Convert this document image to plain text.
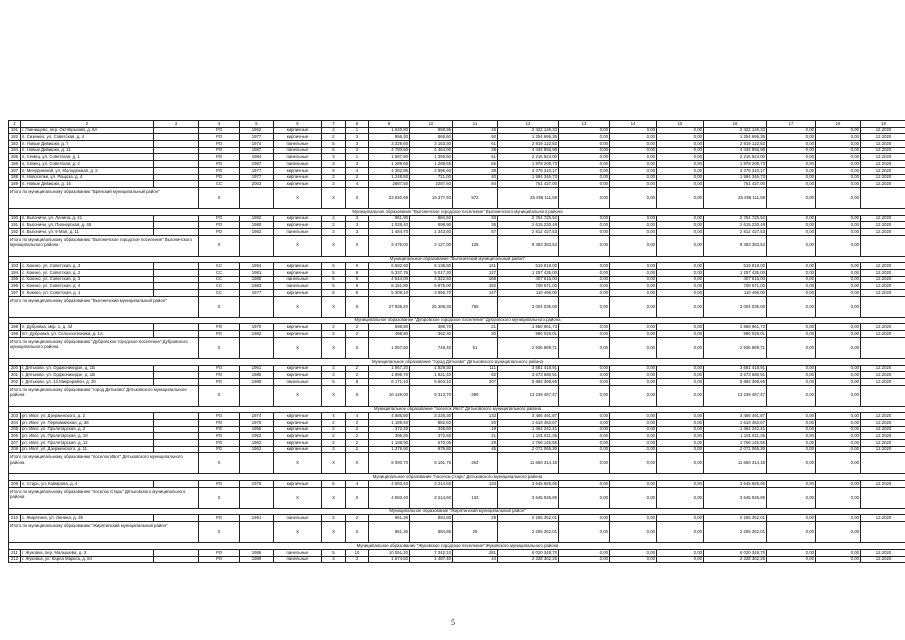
1	2	3	4	5	6	7	8	9	10	11	12	13	14	15	16	17	18	19
191	г. Гвинищево, пер. Октябрьский, д. 8А		РО	1962	кирпичные	2	1	1 640,80	958,96	45	2 422 146,33	0,00	0,00	0,00	2 422 146,33	0,00	0,00	12.2020
182	п. Сиземео, ул. Советская, д. 4		РО	1977	кирпичные	2	3	956,30	868,60	50	1 254 696,35	0,00	0,00	0,00	1 254 696,35	0,00	0,00	12.2020
183	п. Новые Дивишки, д. 7		РО	1974	панельные	5	3	3 329,60	3 153,30	61	2 919 122,82	0,00	0,00	0,00	2 919 122,82	0,00	0,00	12.2020
184	п. Новые Дивишки, д. 11		РО	1987	панельные	5	3	4 790,50	4 464,00	38	4 434 956,98	0,00	0,00	0,00	4 434 956,98	0,00	0,00	12.2020
185	п. Семец, ул. Советская, д. 1		РО	1984	панельные	3	1	1 567,80	1 359,60	51	2 216 524,00	0,00	0,00	0,00	2 216 524,00	0,00	0,00	12.2020
186	п. Семец, ул. Советская, д. 2		РО	1987	панельные	3	3	1 289,65	1 289,65	56	1 978 209,73	0,00	0,00	0,00	1 978 209,73	0,00	0,00	12.2020
187	п. Мичуринский, ул. Молодежная, д. 2		РО	1977	кирпичные	5	4	4 382,86	2 996,60	39	3 376 310,17	0,00	0,00	0,00	3 376 310,17	0,00	0,00	12.2020
188	п. Новоселки, ул. Рощоза, д. 4		РО	1977	кирпичные	2	2	1 248,50	721,00	40	1 994 346,73	0,00	0,00	0,00	1 994 346,73	0,00	0,00	12.2020
189	п. Новые Дивишки, д. 16		СС	2003	кирпичные	3	4	2687,50	2287,60	84	751 437,00	0,00	0,00	0,00	751 437,00	0,00	0,00	12.2020
Итого по муниципальному образованию "Брянский муниципальный район"			X		X	X	X	23 840,69	19 377,93	572	25 296 111,59	0,00	0,00	0,00	25 296 111,59	0,00	0,00	
Муниципальное образование "Выгоничское городское поселение" Выгоничского муниципального района																		
190	п. Выгоничи, ул. Ленина, д. 41		РО	1982	кирпичные	2	3	961,90	884,50	33	2 754 725,52	0,00	0,00	0,00	2 754 725,52	0,00	0,00	12.2020
191	п. Выгоничи, ул. Пионерская, д. 45		РО	1980	кирпичные	2	3	1 028,40	898,90	35	2 615 230,49	0,00	0,00	0,00	2 615 230,49	0,00	0,00	12.2020
192	п. Выгоничи, ул. 9 Мая, д. 11		РО	1982	панельные	3	3	1 484,70	1 343,60	57	2 812 427,53	0,00	0,00	0,00	2 812 427,53	0,00	0,00	12.2020
Итого по муниципальному образованию "Выгоничское городское поселение" Выгоничского муниципального района			X		X	X	X	3 475,00	3 127,00	125	9 383 383,54	0,00	0,00	0,00	9 383 383,54	0,00	0,00	
Муниципальное образование "Выгоничский муниципальный район"																		
193	с. Кокино, ул. Советская, д. 3		СС	1994	кирпичные	5	9	6 592,60	6 138,80	141	519 818,00	0,00	0,00	0,00	519 818,00	0,00	0,00	12.2020
194	с. Кокино, ул. Советская, д. 2		СС	1981	кирпичные	5	6	5 337,76	5 017,30	127	1 257 435,00	0,00	0,00	0,00	1 257 435,00	0,00	0,00	12.2020
195	с. Кокино, ул. Советская, д. 3		СС	1980	панельные	5	6	4 544,00	4 322,60	168	407 616,00	0,00	0,00	0,00	407 616,00	0,00	0,00	12.2020
196	с. Кокино, ул. Советская, д. 4		СС	1983	панельные	5	6	6 151,80	5 875,00	182	708 671,00	0,00	0,00	0,00	708 671,00	0,00	0,00	12.2020
197	п. Кокино, ул. Советская, д. 1		СС	1977	кирпичные	5	6	5 309,10	3 956,70	147	110 496,00	0,00	0,00	0,00	110 496,00	0,00	0,00	12.2020
Итого по муниципальному образованию "Выгоничский муниципальный район"			X		X	X	X	27 935,20	25 308,30	765	3 004 036,00	0,00	0,00	0,00	3 004 036,00	0,00	0,00	
Муниципальное образование "Дубровское городское поселение" Дубровского муниципального района																		
198	п. Дубровка, мкр. 1, д. 42		РО	1970	кирпичные	2	2	598,80	386,70	21	1 950 961,73	0,00	0,00	0,00	1 950 961,73	0,00	0,00	12.2020
199	пгт. Дубровка, ул. Сельхозтехника, д. 1А		РО	1982	кирпичные	2	2	498,80	362,30	30	986 028,01	0,00	0,00	0,00	986 028,01	0,00	0,00	12.2020
Итого по муниципальному образованию "Дубровское городское поселение" Дубровского муниципального района			X		X	X	X	1 057,60	748,40	51	2 936 989,71	0,00	0,00	0,00	2 936 989,71	0,00	0,00	
Муниципальное образование "город Дятьково" Дятьковского муниципального района																		
200	г. Дятьково, ул. Орджоникидзе, д. 1Б		РО	1961	кирпичные	3	2	1 867,20	1 829,30	111	3 681 418,91	0,00	0,00	0,00	3 681 418,91	0,00	0,00	12.2020
201	г. Дятьково, ул. Орджоникидзе, д. 1В		РО	1985	кирпичные	3	2	1 996,70	1 821,40	82	3 673 680,91	0,00	0,00	0,00	3 673 680,91	0,00	0,00	12.2020
202	г. Дятьково, ул. 13 Микрорайон, д. 20		РО	1989	панельные	5	8	6 171,10	5 663,10	207	5 884 368,65	0,00	0,00	0,00	5 884 368,65	0,00	0,00	12.2020
Итого по муниципальному образованию "город Дятьково" Дятьковского муниципального района			X		X	X	X	10 149,00	9 313,70	399	13 239 467,47	0,00	0,00	0,00	13 239 467,47	0,00	0,00	
Муниципальное образование "поселок Ивот" Дятьковского муниципального района																		
203	рп. Ивот, ул. Дзержинского, д. 2		РО	1974	кирпичные	4	4	4 585,80	3 226,30	133	3 466 491,87	0,00	0,00	0,00	3 466 491,87	0,00	0,00	12.2020
204	рп. Ивот, ул. Первомайская, д. 38		РО	1975	кирпичные	2	2	1 189,40	882,60	20	1 610 463,67	0,00	0,00	0,00	1 610 463,67	0,00	0,00	12.2020
205	рп. Ивот, ул. Пролетарская, д. 2		РО	1955	кирпичные	2	2	372,40	349,60	19	1 364 242,41	0,00	0,00	0,00	1 364 242,41	0,00	0,00	12.2020
206	рп. Ивот, ул. Пролетарская, д. 10		РО	1953	кирпичные	2	2	395,30	372,60	21	1 181 611,36	0,00	0,00	0,00	1 181 611,36	0,00	0,00	12.2020
207	рп. Ивот, ул. Пролетарская, д. 12		РО	1962	кирпичные	2	2	1 108,90	570,06	29	1 766 145,55	0,00	0,00	0,00	1 766 145,55	0,00	0,00	12.2020
208	рп. Ивот, ул. Дзержинского, д. 11		РО	1962	кирпичные	3	2	1 378,90	979,80	45	2 072 065,30	0,00	0,00	0,00	2 072 065,30	0,00	0,00	12.2020
Итого по муниципальному образованию "поселок Ивот" Дятьковского муниципального района			X		X	X	X	9 000,70	6 191,76	264	11 660 314,16	0,00	0,00	0,00	11 660 314,16	0,00	0,00	
Муниципальное образование "поселок Старь" Дятьковского муниципального района																		
209	п. Старь, ул. Комарова, д. 4		РО	1975	кирпичные	5	4	4 593,40	3 214,60	133	3 645 926,05	0,00	0,00	0,00	3 645 926,05	0,00	0,00	12.2020
Итого по муниципальному образованию "поселок Старь" Дятьковского муниципального района			X		X	X	X	4 593,40	3 214,60	133	3 645 926,05	0,00	0,00	0,00	3 645 926,05	0,00	0,00	
Муниципальное образование "Жирятинский муниципальный район"																		
210	с. Жирятино, ул. Ленина, д. 39		РО	1991	панельные	2	2	961,36	884,86	29	2 255 352,01	0,00	0,00	0,00	2 255 352,01	0,00	0,00	12.2020
Итого по муниципальному образованию "Жирятинский муниципальный район"			X		X	X	X	961,36	884,86	29	2 255 352,01	0,00	0,00	0,00	2 255 352,01	0,00	0,00	
Муниципальное образование "Жуковское городское поселение" Жуковского муниципального района																		
211	г. Жуковка, пер. Малышева, д. 3		РО	1986	панельные	5	10	10 051,20	7 342,10	281	6 020 348,70	0,00	0,00	0,00	6 020 348,70	0,00	0,00	12.2020
212	г. Жуковка, ул. Карла Маркса, д. 84		РО	1989	панельные	3	3	1 674,50	1 487,40	44	2 338 362,25	0,00	0,00	0,00	2 338 362,25	0,00	0,00	12.2020
5
